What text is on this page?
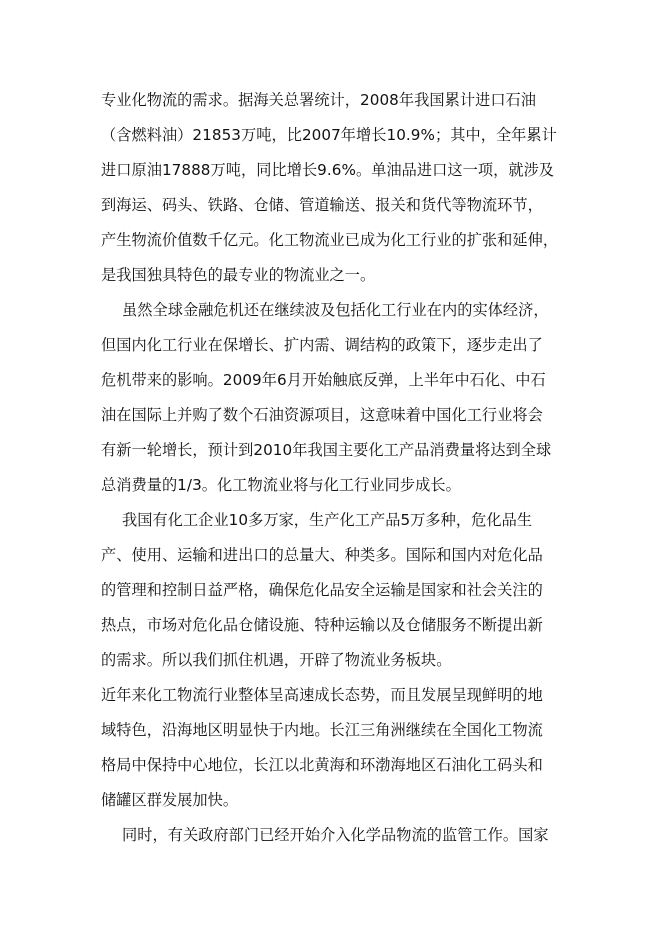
专业化物流的需求。据海关总署统计，2008年我国累计进口石油
（含燃料油）21853万吨，比2007年增长10.9%；其中，全年累计
进口原油17888万吨，同比增长9.6%。单油品进口这一项，就涉及
到海运、码头、铁路、仓储、管道输送、报关和货代等物流环节，
产生物流价值数千亿元。化工物流业已成为化工行业的扩张和延伸，
是我国独具特色的最专业的物流业之一。
虽然全球金融危机还在继续波及包括化工行业在内的实体经济，
但国内化工行业在保增长、扩内需、调结构的政策下，逐步走出了
危机带来的影响。2009年6月开始触底反弹，上半年中石化、中石
油在国际上并购了数个石油资源项目，这意味着中国化工行业将会
有新一轮增长，预计到2010年我国主要化工产品消费量将达到全球
总消费量的1/3。化工物流业将与化工行业同步成长。
我国有化工企业10多万家，生产化工产品5万多种，危化品生
产、使用、运输和进出口的总量大、种类多。国际和国内对危化品
的管理和控制日益严格，确保危化品安全运输是国家和社会关注的
热点，市场对危化品仓储设施、特种运输以及仓储服务不断提出新
的需求。所以我们抓住机遇，开辟了物流业务板块。
近年来化工物流行业整体呈高速成长态势，而且发展呈现鲜明的地
域特色，沿海地区明显快于内地。长江三角洲继续在全国化工物流
格局中保持中心地位，长江以北黄海和环渤海地区石油化工码头和
储罐区群发展加快。
同时，有关政府部门已经开始介入化学品物流的监管工作。国家
